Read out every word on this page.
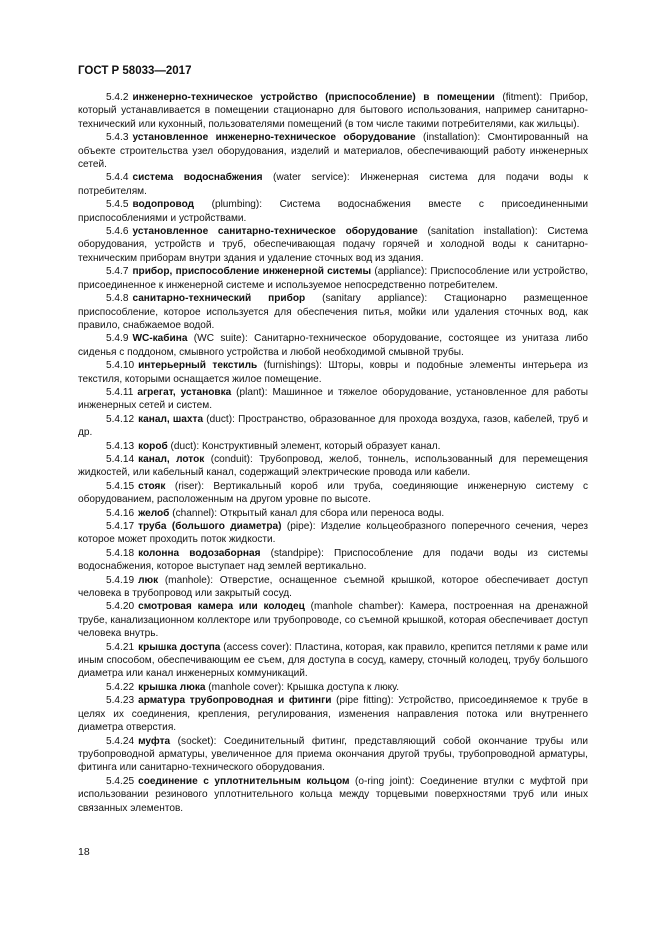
ГОСТ Р 58033—2017

5.4.2 инженерно-техническое устройство (приспособление) в помещении (fitment): Прибор, который устанавливается в помещении стационарно для бытового использования, например санитарно-технический или кухонный, пользователями помещений (в том числе такими потребителями, как жильцы).

5.4.3 установленное инженерно-техническое оборудование (installation): Смонтированный на объекте строительства узел оборудования, изделий и материалов, обеспечивающий работу инженерных сетей.

5.4.4 система водоснабжения (water service): Инженерная система для подачи воды к потребителям.

5.4.5 водопровод (plumbing): Система водоснабжения вместе с присоединенными приспособлениями и устройствами.

5.4.6 установленное санитарно-техническое оборудование (sanitation installation): Система оборудования, устройств и труб, обеспечивающая подачу горячей и холодной воды к санитарно-техническим приборам внутри здания и удаление сточных вод из здания.

5.4.7 прибор, приспособление инженерной системы (appliance): Приспособление или устройство, присоединенное к инженерной системе и используемое непосредственно потребителем.

5.4.8 санитарно-технический прибор (sanitary appliance): Стационарно размещенное приспособление, которое используется для обеспечения питья, мойки или удаления сточных вод, как правило, снабжаемое водой.

5.4.9 WC-кабина (WC suite): Санитарно-техническое оборудование, состоящее из унитаза либо сиденья с поддоном, смывного устройства и любой необходимой смывной трубы.

5.4.10 интерьерный текстиль (furnishings): Шторы, ковры и подобные элементы интерьера из текстиля, которыми оснащается жилое помещение.

5.4.11 агрегат, установка (plant): Машинное и тяжелое оборудование, установленное для работы инженерных сетей и систем.

5.4.12 канал, шахта (duct): Пространство, образованное для прохода воздуха, газов, кабелей, труб и др.

5.4.13 короб (duct): Конструктивный элемент, который образует канал.

5.4.14 канал, лоток (conduit): Трубопровод, желоб, тоннель, использованный для перемещения жидкостей, или кабельный канал, содержащий электрические провода или кабели.

5.4.15 стояк (riser): Вертикальный короб или труба, соединяющие инженерную систему с оборудованием, расположенным на другом уровне по высоте.

5.4.16 желоб (channel): Открытый канал для сбора или переноса воды.

5.4.17 труба (большого диаметра) (pipe): Изделие кольцеобразного поперечного сечения, через которое может проходить поток жидкости.

5.4.18 колонна водозаборная (standpipe): Приспособление для подачи воды из системы водоснабжения, которое выступает над землей вертикально.

5.4.19 люк (manhole): Отверстие, оснащенное съемной крышкой, которое обеспечивает доступ человека в трубопровод или закрытый сосуд.

5.4.20 смотровая камера или колодец (manhole chamber): Камера, построенная на дренажной трубе, канализационном коллекторе или трубопроводе, со съемной крышкой, которая обеспечивает доступ человека внутрь.

5.4.21 крышка доступа (access cover): Пластина, которая, как правило, крепится петлями к раме или иным способом, обеспечивающим ее съем, для доступа в сосуд, камеру, сточный колодец, трубу большого диаметра или канал инженерных коммуникаций.

5.4.22 крышка люка (manhole cover): Крышка доступа к люку.

5.4.23 арматура трубопроводная и фитинги (pipe fitting): Устройство, присоединяемое к трубе в целях их соединения, крепления, регулирования, изменения направления потока или внутреннего диаметра отверстия.

5.4.24 муфта (socket): Соединительный фитинг, представляющий собой окончание трубы или трубопроводной арматуры, увеличенное для приема окончания другой трубы, трубопроводной арматуры, фитинга или санитарно-технического оборудования.

5.4.25 соединение с уплотнительным кольцом (o-ring joint): Соединение втулки с муфтой при использовании резинового уплотнительного кольца между торцевыми поверхностями труб или иных связанных элементов.

18
